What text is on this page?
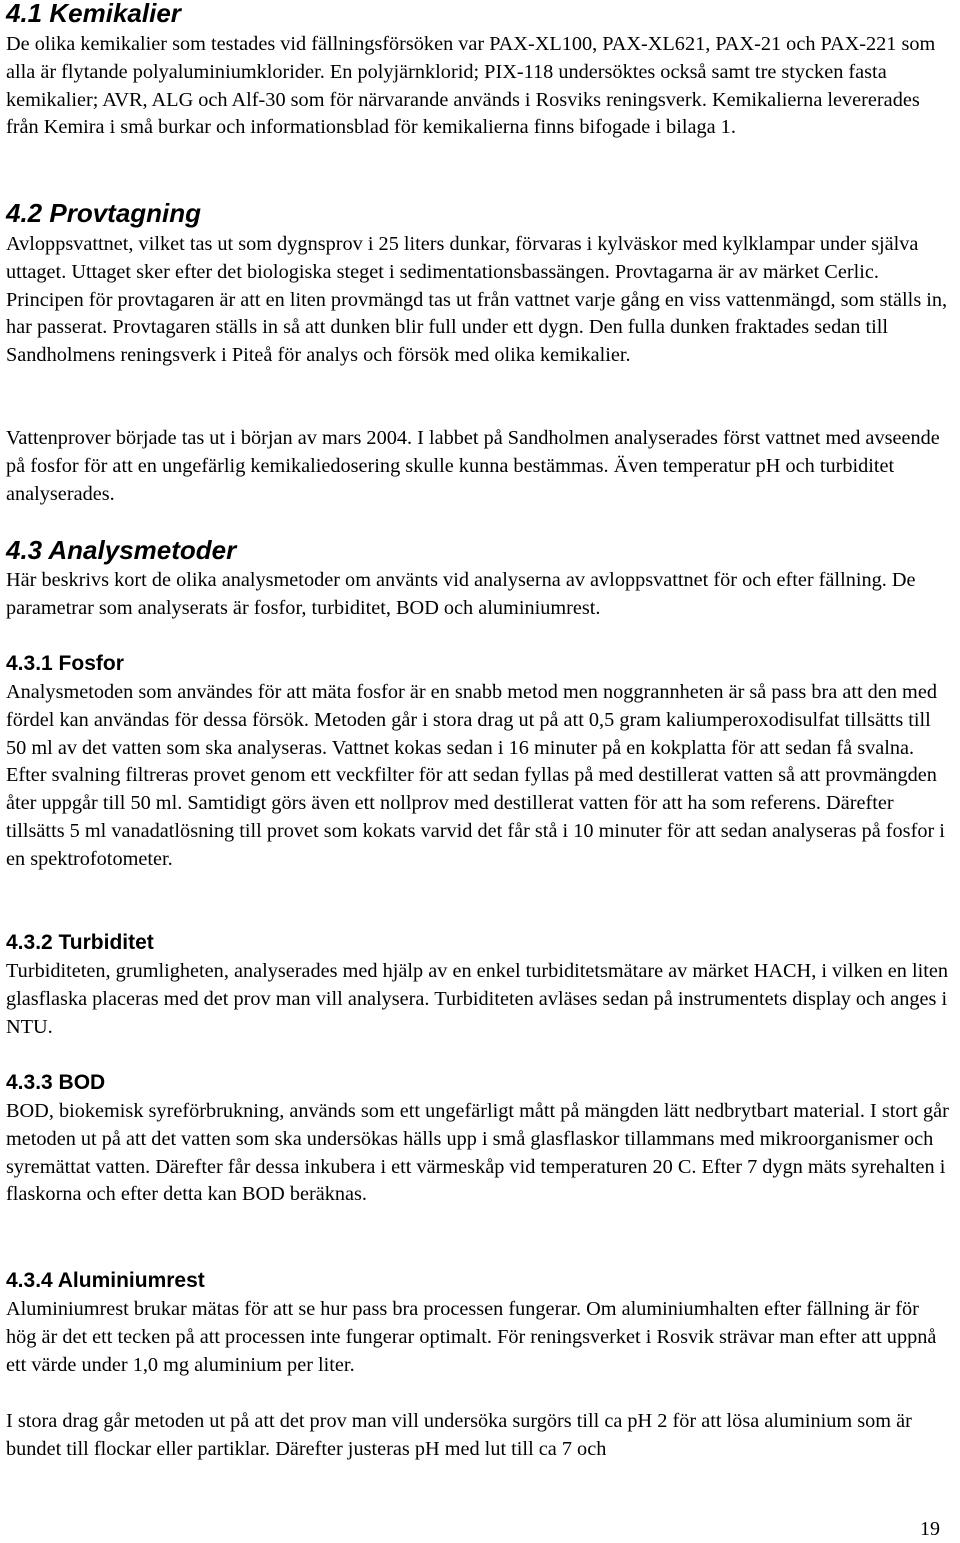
4.1 Kemikalier

De olika kemikalier som testades vid fällningsförsöken var PAX-XL100, PAX-XL621, PAX-21 och PAX-221 som alla är flytande polyaluminiumklorider. En polyjärnklorid; PIX-118 undersöktes också samt tre stycken fasta kemikalier; AVR, ALG och Alf-30 som för närvarande används i Rosviks reningsverk. Kemikalierna levererades från Kemira i små burkar och informationsblad för kemikalierna finns bifogade i bilaga 1.

4.2 Provtagning

Avloppsvattnet, vilket tas ut som dygnsprov i 25 liters dunkar, förvaras i kylväskor med kylklampar under själva uttaget. Uttaget sker efter det biologiska steget i sedimentationsbassängen. Provtagarna är av märket Cerlic. Principen för provtagaren är att en liten provmängd tas ut från vattnet varje gång en viss vattenmängd, som ställs in, har passerat. Provtagaren ställs in så att dunken blir full under ett dygn. Den fulla dunken fraktades sedan till Sandholmens reningsverk i Piteå för analys och försök med olika kemikalier.

Vattenprover började tas ut i början av mars 2004. I labbet på Sandholmen analyserades först vattnet med avseende på fosfor för att en ungefärlig kemikaliedosering skulle kunna bestämmas. Även temperatur pH och turbiditet analyserades.

4.3 Analysmetoder

Här beskrivs kort de olika analysmetoder om använts vid analyserna av avloppsvattnet för och efter fällning. De parametrar som analyserats är fosfor, turbiditet, BOD och aluminiumrest.

4.3.1 Fosfor

Analysmetoden som användes för att mäta fosfor är en snabb metod men noggrannheten är så pass bra att den med fördel kan användas för dessa försök. Metoden går i stora drag ut på att 0,5 gram kaliumperoxodisulfat tillsätts till 50 ml av det vatten som ska analyseras. Vattnet kokas sedan i 16 minuter på en kokplatta för att sedan få svalna. Efter svalning filtreras provet genom ett veckfilter för att sedan fyllas på med destillerat vatten så att provmängden åter uppgår till 50 ml. Samtidigt görs även ett nollprov med destillerat vatten för att ha som referens. Därefter tillsätts 5 ml vanadatlösning till provet som kokats varvid det får stå i 10 minuter för att sedan analyseras på fosfor i en spektrofotometer.

4.3.2 Turbiditet

Turbiditeten, grumligheten, analyserades med hjälp av en enkel turbiditetsmätare av märket HACH, i vilken en liten glasflaska placeras med det prov man vill analysera. Turbiditeten avläses sedan på instrumentets display och anges i NTU.

4.3.3 BOD

BOD, biokemisk syreförbrukning, används som ett ungefärligt mått på mängden lätt nedbrytbart material. I stort går metoden ut på att det vatten som ska undersökas hälls upp i små glasflaskor tillammans med mikroorganismer och syremättat vatten. Därefter får dessa inkubera i ett värmeskåp vid temperaturen 20 C. Efter 7 dygn mäts syrehalten i flaskorna och efter detta kan BOD beräknas.

4.3.4 Aluminiumrest

Aluminiumrest brukar mätas för att se hur pass bra processen fungerar. Om aluminiumhalten efter fällning är för hög är det ett tecken på att processen inte fungerar optimalt. För reningsverket i Rosvik strävar man efter att uppnå ett värde under 1,0 mg aluminium per liter.

I stora drag går metoden ut på att det prov man vill undersöka surgörs till ca pH 2 för att lösa aluminium som är bundet till flockar eller partiklar. Därefter justeras pH med lut till ca 7 och

19
